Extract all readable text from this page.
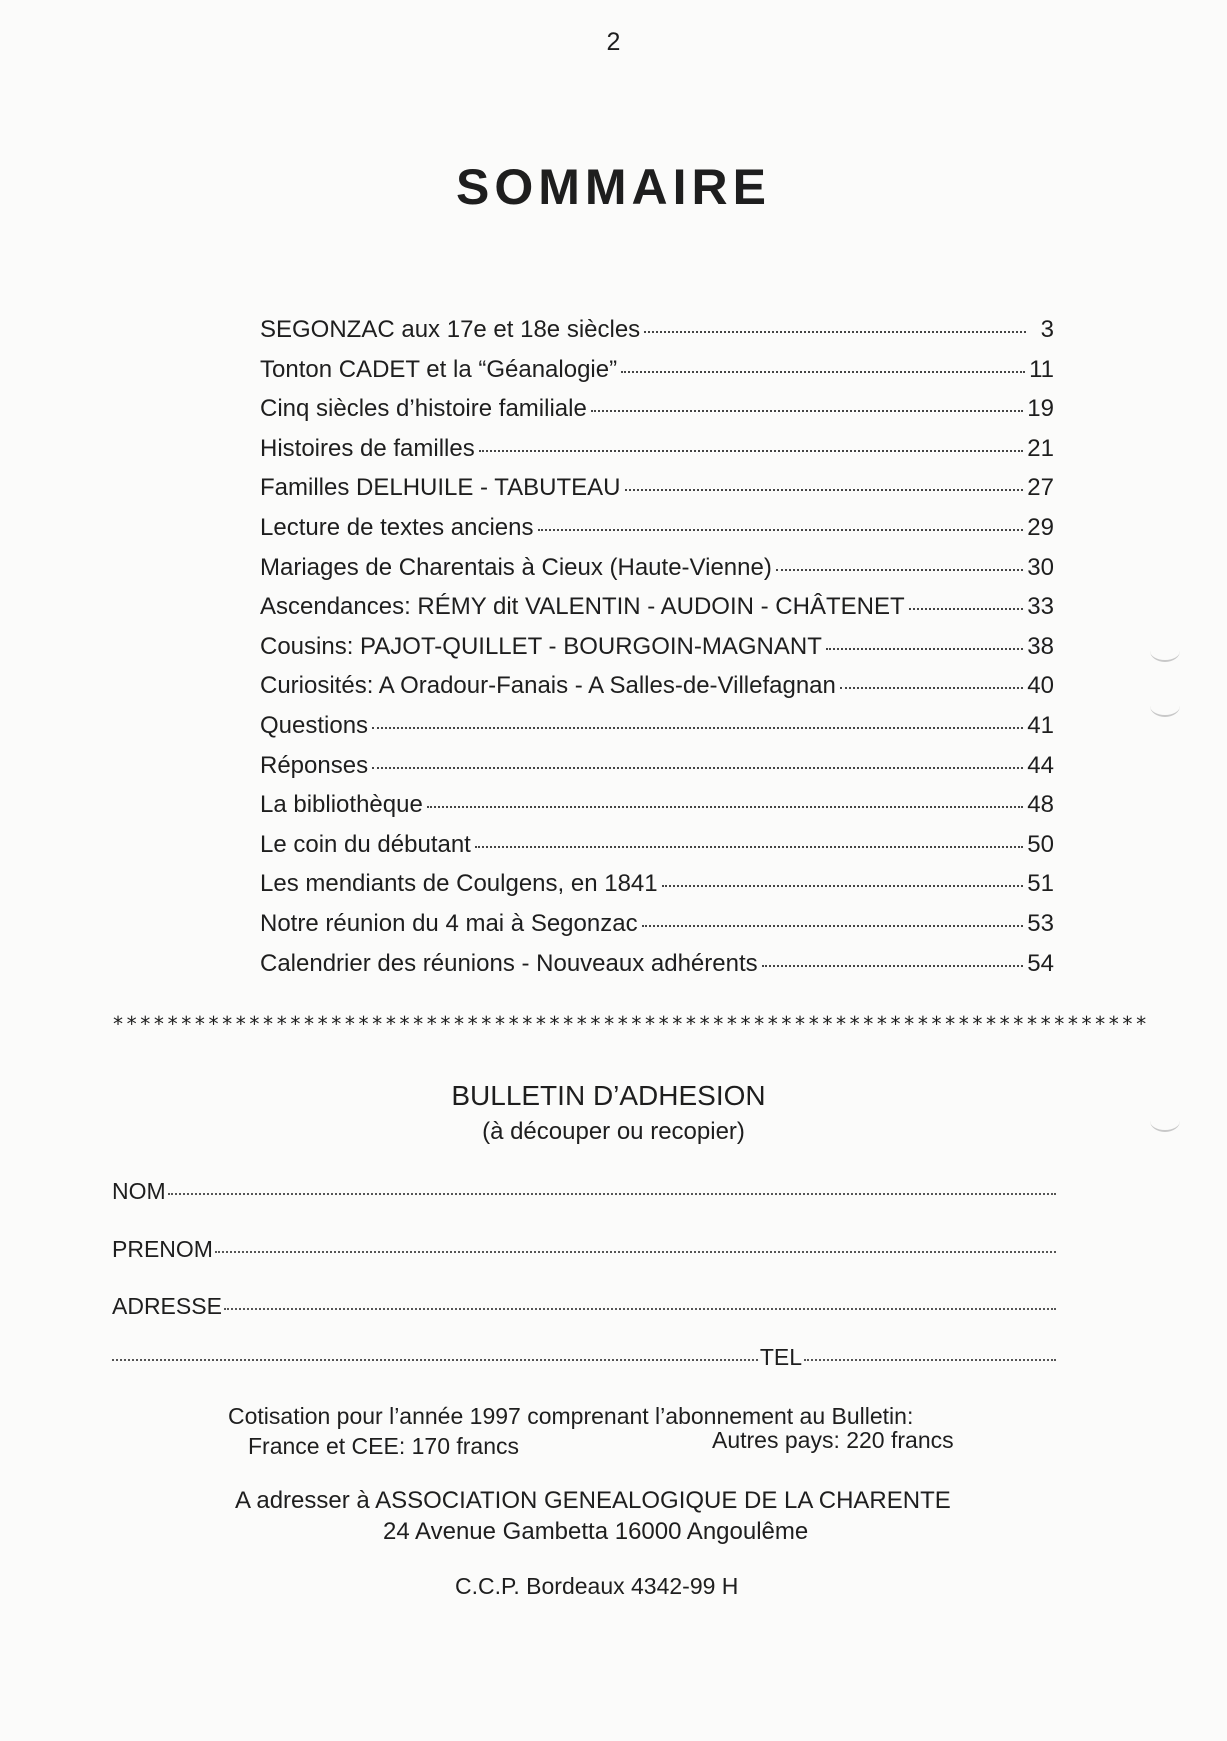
2
SOMMAIRE
SEGONZAC aux 17e et 18e siècles	3
Tonton CADET et la “Géanalogie”	11
Cinq siècles d’histoire familiale	19
Histoires de familles	21
Familles DELHUILE - TABUTEAU	27
Lecture de textes anciens	29
Mariages de Charentais à Cieux (Haute-Vienne)	30
Ascendances: RÉMY dit VALENTIN - AUDOIN - CHÂTENET	33
Cousins: PAJOT-QUILLET - BOURGOIN-MAGNANT	38
Curiosités: A Oradour-Fanais - A Salles-de-Villefagnan	40
Questions	41
Réponses	44
La bibliothèque	48
Le coin du débutant	50
Les mendiants de Coulgens, en 1841	51
Notre réunion du 4 mai à Segonzac	53
Calendrier des réunions - Nouveaux adhérents	54
****************************************************************************
BULLETIN D’ADHESION
(à découper ou recopier)
NOM
PRENOM
ADRESSE
TEL
Cotisation pour l’année 1997 comprenant l’abonnement au Bulletin:
France et CEE: 170 francs	Autres pays: 220 francs
A adresser à ASSOCIATION GENEALOGIQUE DE LA CHARENTE
24 Avenue Gambetta 16000 Angoulême
C.C.P. Bordeaux 4342-99 H
